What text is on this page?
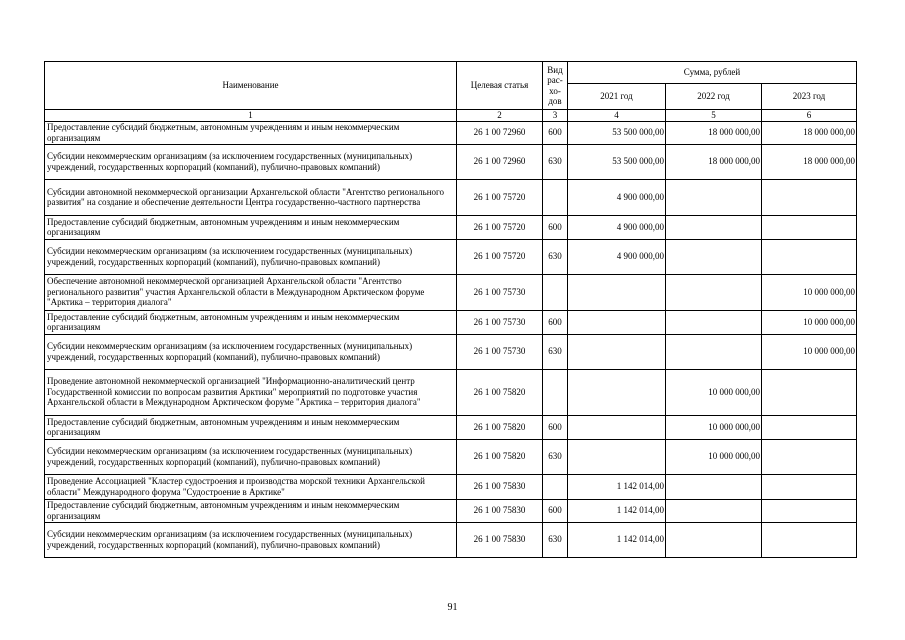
Наименование	Целевая статья	Вид рас-хо-дов	Сумма, рублей		
			2021 год	2022 год	2023 год
1	2	3	4	5	6
Предоставление субсидий бюджетным, автономным учреждениям и иным некоммерческим организациям	26 1 00 72960	600	53 500 000,00	18 000 000,00	18 000 000,00
Субсидии некоммерческим организациям (за исключением государственных (муниципальных) учреждений, государственных корпораций (компаний), публично-правовых компаний)	26 1 00 72960	630	53 500 000,00	18 000 000,00	18 000 000,00
Субсидии автономной некоммерческой организации Архангельской области "Агентство регионального развития" на создание и обеспечение деятельности Центра государственно-частного партнерства	26 1 00 75720		4 900 000,00		
Предоставление субсидий бюджетным, автономным учреждениям и иным некоммерческим организациям	26 1 00 75720	600	4 900 000,00		
Субсидии некоммерческим организациям (за исключением государственных (муниципальных) учреждений, государственных корпораций (компаний), публично-правовых компаний)	26 1 00 75720	630	4 900 000,00		
Обеспечение автономной некоммерческой организацией Архангельской области "Агентство регионального развития" участия Архангельской области в Международном Арктическом форуме "Арктика – территория диалога"	26 1 00 75730				10 000 000,00
Предоставление субсидий бюджетным, автономным учреждениям и иным некоммерческим организациям	26 1 00 75730	600			10 000 000,00
Субсидии некоммерческим организациям (за исключением государственных (муниципальных) учреждений, государственных корпораций (компаний), публично-правовых компаний)	26 1 00 75730	630			10 000 000,00
Проведение автономной некоммерческой организацией "Информационно-аналитический центр Государственной комиссии по вопросам развития Арктики" мероприятий по подготовке участия Архангельской области в Международном Арктическом форуме "Арктика – территория диалога"	26 1 00 75820			10 000 000,00	
Предоставление субсидий бюджетным, автономным учреждениям и иным некоммерческим организациям	26 1 00 75820	600		10 000 000,00	
Субсидии некоммерческим организациям (за исключением государственных (муниципальных) учреждений, государственных корпораций (компаний), публично-правовых компаний)	26 1 00 75820	630		10 000 000,00	
Проведение Ассоциацией "Кластер судостроения и производства морской техники Архангельской области" Международного форума "Судостроение в Арктике"	26 1 00 75830		1 142 014,00		
Предоставление субсидий бюджетным, автономным учреждениям и иным некоммерческим организациям	26 1 00 75830	600	1 142 014,00		
Субсидии некоммерческим организациям (за исключением государственных (муниципальных) учреждений, государственных корпораций (компаний), публично-правовых компаний)	26 1 00 75830	630	1 142 014,00		
91
